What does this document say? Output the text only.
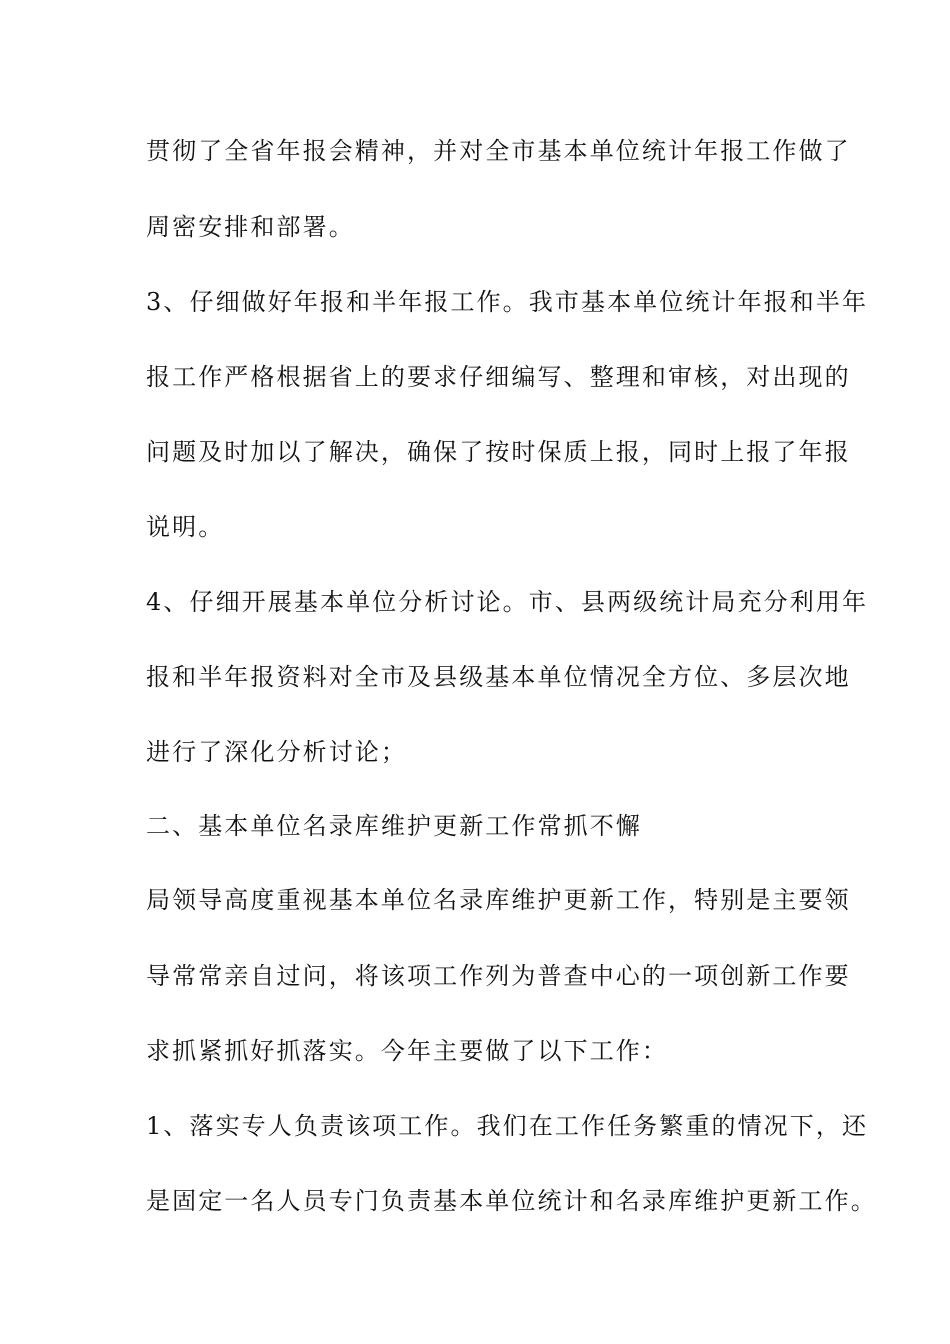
贯彻了全省年报会精神，并对全市基本单位统计年报工作做了
周密安排和部署。
3、仔细做好年报和半年报工作。我市基本单位统计年报和半年
报工作严格根据省上的要求仔细编写、整理和审核，对出现的
问题及时加以了解决，确保了按时保质上报，同时上报了年报
说明。
4、仔细开展基本单位分析讨论。市、县两级统计局充分利用年
报和半年报资料对全市及县级基本单位情况全方位、多层次地
进行了深化分析讨论；
二、基本单位名录库维护更新工作常抓不懈
局领导高度重视基本单位名录库维护更新工作，特别是主要领
导常常亲自过问，将该项工作列为普查中心的一项创新工作要
求抓紧抓好抓落实。今年主要做了以下工作：
1、落实专人负责该项工作。我们在工作任务繁重的情况下，还
是固定一名人员专门负责基本单位统计和名录库维护更新工作。
